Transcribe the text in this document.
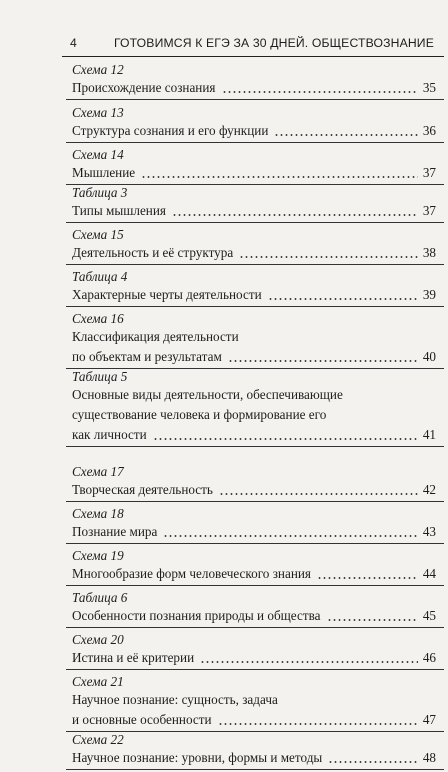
4	ГОТОВИМСЯ К ЕГЭ ЗА 30 ДНЕЙ. ОБЩЕСТВОЗНАНИЕ
Схема 12
Происхождение сознания	35
Схема 13
Структура сознания и его функции	36
Схема 14
Мышление	37
Таблица 3
Типы мышления	37
Схема 15
Деятельность и её структура	38
Таблица 4
Характерные черты деятельности	39
Схема 16
Классификация деятельности
по объектам и результатам	40
Таблица 5
Основные виды деятельности, обеспечивающие
существование человека и формирование его
как личности	41
Схема 17
Творческая деятельность	42
Схема 18
Познание мира	43
Схема 19
Многообразие форм человеческого знания	44
Таблица 6
Особенности познания природы и общества	45
Схема 20
Истина и её критерии	46
Схема 21
Научное познание: сущность, задача
и основные особенности	47
Схема 22
Научное познание: уровни, формы и методы	48
